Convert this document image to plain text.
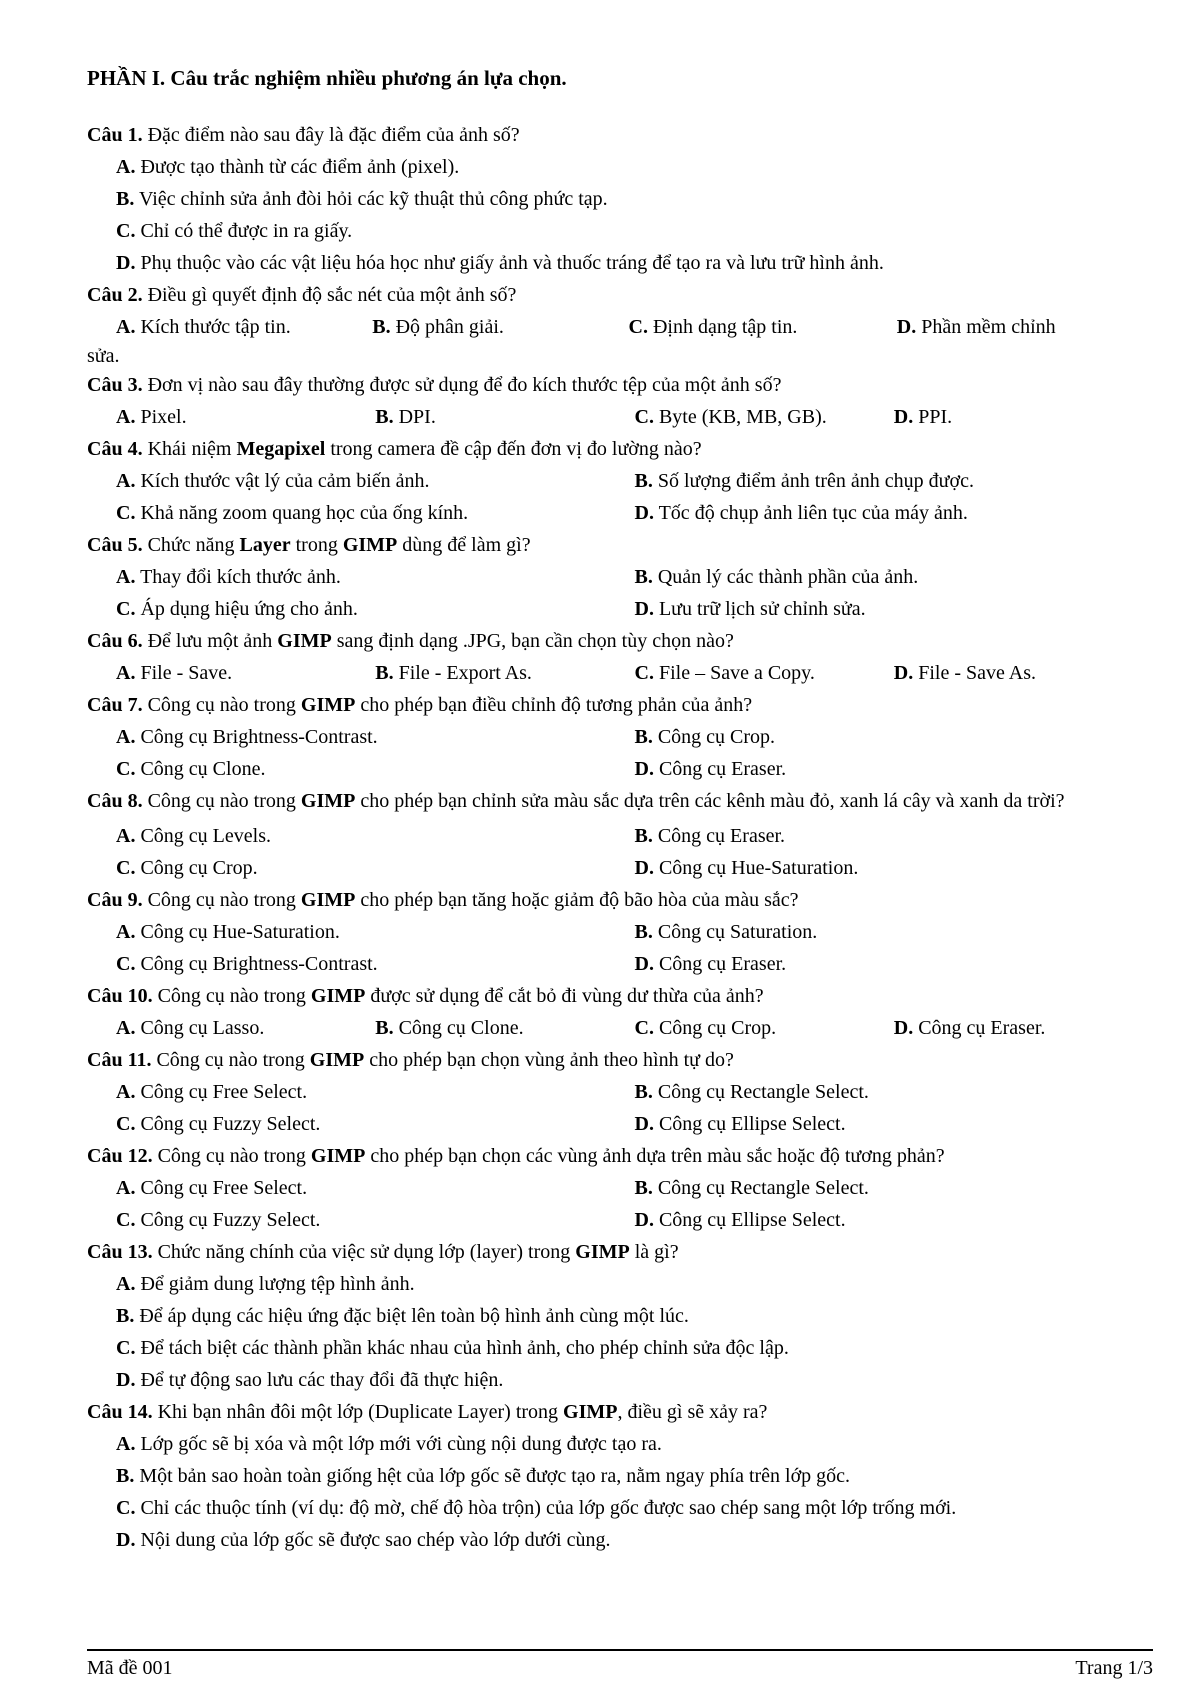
PHẦN I. Câu trắc nghiệm nhiều phương án lựa chọn.
Câu 1. Đặc điểm nào sau đây là đặc điểm của ảnh số?
A. Được tạo thành từ các điểm ảnh (pixel).
B. Việc chỉnh sửa ảnh đòi hỏi các kỹ thuật thủ công phức tạp.
C. Chỉ có thể được in ra giấy.
D. Phụ thuộc vào các vật liệu hóa học như giấy ảnh và thuốc tráng để tạo ra và lưu trữ hình ảnh.
Câu 2. Điều gì quyết định độ sắc nét của một ảnh số?
A. Kích thước tập tin.	B. Độ phân giải.	C. Định dạng tập tin.	D. Phần mềm chỉnh
sửa.
Câu 3. Đơn vị nào sau đây thường được sử dụng để đo kích thước tệp của một ảnh số?
A. Pixel.	B. DPI.	C. Byte (KB, MB, GB).	D. PPI.
Câu 4. Khái niệm Megapixel trong camera đề cập đến đơn vị đo lường nào?
A. Kích thước vật lý của cảm biến ảnh.	B. Số lượng điểm ảnh trên ảnh chụp được.
C. Khả năng zoom quang học của ống kính.	D. Tốc độ chụp ảnh liên tục của máy ảnh.
Câu 5. Chức năng Layer trong GIMP dùng để làm gì?
A. Thay đổi kích thước ảnh.	B. Quản lý các thành phần của ảnh.
C. Áp dụng hiệu ứng cho ảnh.	D. Lưu trữ lịch sử chỉnh sửa.
Câu 6. Để lưu một ảnh GIMP sang định dạng .JPG, bạn cần chọn tùy chọn nào?
A. File - Save.	B. File - Export As.	C. File – Save a Copy.	D. File - Save As.
Câu 7. Công cụ nào trong GIMP cho phép bạn điều chỉnh độ tương phản của ảnh?
A. Công cụ Brightness-Contrast.	B. Công cụ Crop.
C. Công cụ Clone.	D. Công cụ Eraser.
Câu 8. Công cụ nào trong GIMP cho phép bạn chỉnh sửa màu sắc dựa trên các kênh màu đỏ, xanh lá cây và xanh da trời?
A. Công cụ Levels.	B. Công cụ Eraser.
C. Công cụ Crop.	D. Công cụ Hue-Saturation.
Câu 9. Công cụ nào trong GIMP cho phép bạn tăng hoặc giảm độ bão hòa của màu sắc?
A. Công cụ Hue-Saturation.	B. Công cụ Saturation.
C. Công cụ Brightness-Contrast.	D. Công cụ Eraser.
Câu 10. Công cụ nào trong GIMP được sử dụng để cắt bỏ đi vùng dư thừa của ảnh?
A. Công cụ Lasso.	B. Công cụ Clone.	C. Công cụ Crop.	D. Công cụ Eraser.
Câu 11. Công cụ nào trong GIMP cho phép bạn chọn vùng ảnh theo hình tự do?
A. Công cụ Free Select.	B. Công cụ Rectangle Select.
C. Công cụ Fuzzy Select.	D. Công cụ Ellipse Select.
Câu 12. Công cụ nào trong GIMP cho phép bạn chọn các vùng ảnh dựa trên màu sắc hoặc độ tương phản?
A. Công cụ Free Select.	B. Công cụ Rectangle Select.
C. Công cụ Fuzzy Select.	D. Công cụ Ellipse Select.
Câu 13. Chức năng chính của việc sử dụng lớp (layer) trong GIMP là gì?
A. Để giảm dung lượng tệp hình ảnh.
B. Để áp dụng các hiệu ứng đặc biệt lên toàn bộ hình ảnh cùng một lúc.
C. Để tách biệt các thành phần khác nhau của hình ảnh, cho phép chỉnh sửa độc lập.
D. Để tự động sao lưu các thay đổi đã thực hiện.
Câu 14. Khi bạn nhân đôi một lớp (Duplicate Layer) trong GIMP, điều gì sẽ xảy ra?
A. Lớp gốc sẽ bị xóa và một lớp mới với cùng nội dung được tạo ra.
B. Một bản sao hoàn toàn giống hệt của lớp gốc sẽ được tạo ra, nằm ngay phía trên lớp gốc.
C. Chỉ các thuộc tính (ví dụ: độ mờ, chế độ hòa trộn) của lớp gốc được sao chép sang một lớp trống mới.
D. Nội dung của lớp gốc sẽ được sao chép vào lớp dưới cùng.
Mã đề 001	Trang 1/3
